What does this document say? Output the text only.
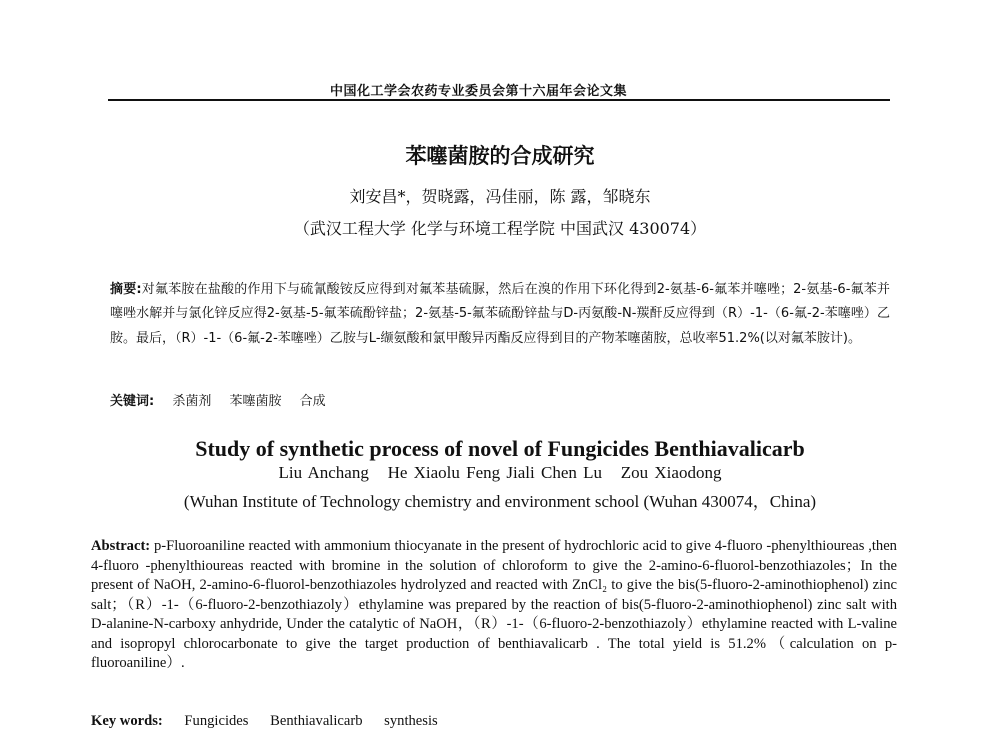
中国化工学会农药专业委员会第十六届年会论文集
苯噻菌胺的合成研究
刘安昌*，贺晓露，冯佳丽，陈 露，邹晓东
（武汉工程大学 化学与环境工程学院 中国武汉 430074）
摘要:对氟苯胺在盐酸的作用下与硫氰酸铵反应得到对氟苯基硫脲，然后在溴的作用下环化得到2-氨基-6-氟苯并噻唑；2-氨基-6-氟苯并噻唑水解并与氯化锌反应得2-氨基-5-氟苯硫酚锌盐；2-氨基-5-氟苯硫酚锌盐与D-丙氨酸-N-羰酐反应得到（R）-1-（6-氟-2-苯噻唑）乙胺。最后，（R）-1-（6-氟-2-苯噻唑）乙胺与L-缬氨酸和氯甲酸异丙酯反应得到目的产物苯噻菌胺，总收率51.2%(以对氟苯胺计)。
关键词: 杀菌剂 苯噻菌胺 合成
Study of synthetic process of novel of Fungicides Benthiavalicarb
Liu Anchang   He Xiaolu Feng Jiali Chen Lu   Zou Xiaodong
(Wuhan Institute of Technology chemistry and environment school (Wuhan 430074，China)
Abstract: p-Fluoroaniline reacted with ammonium thiocyanate in the present of hydrochloric acid to give 4-fluoro -phenylthioureas ,then 4-fluoro -phenylthioureas reacted with bromine in the solution of chloroform to give the 2-amino-6-fluorol-benzothiazoles；In the present of NaOH, 2-amino-6-fluorol-benzothiazoles hydrolyzed and reacted with ZnCl₂ to give the bis(5-fluoro-2-aminothiophenol) zinc salt；（R）-1-（6-fluoro-2-benzothiazoly）ethylamine was prepared by the reaction of bis(5-fluoro-2-aminothiophenol) zinc salt with D-alanine-N-carboxy anhydride, Under the catalytic of NaOH，（R）-1-（6-fluoro-2-benzothiazoly）ethylamine reacted with L-valine and isopropyl chlorocarbonate to give the target production of benthiavalicarb . The total yield is 51.2%（calculation on p-fluoroaniline）.
Key words: Fungicides Benthiavalicarb synthesis
